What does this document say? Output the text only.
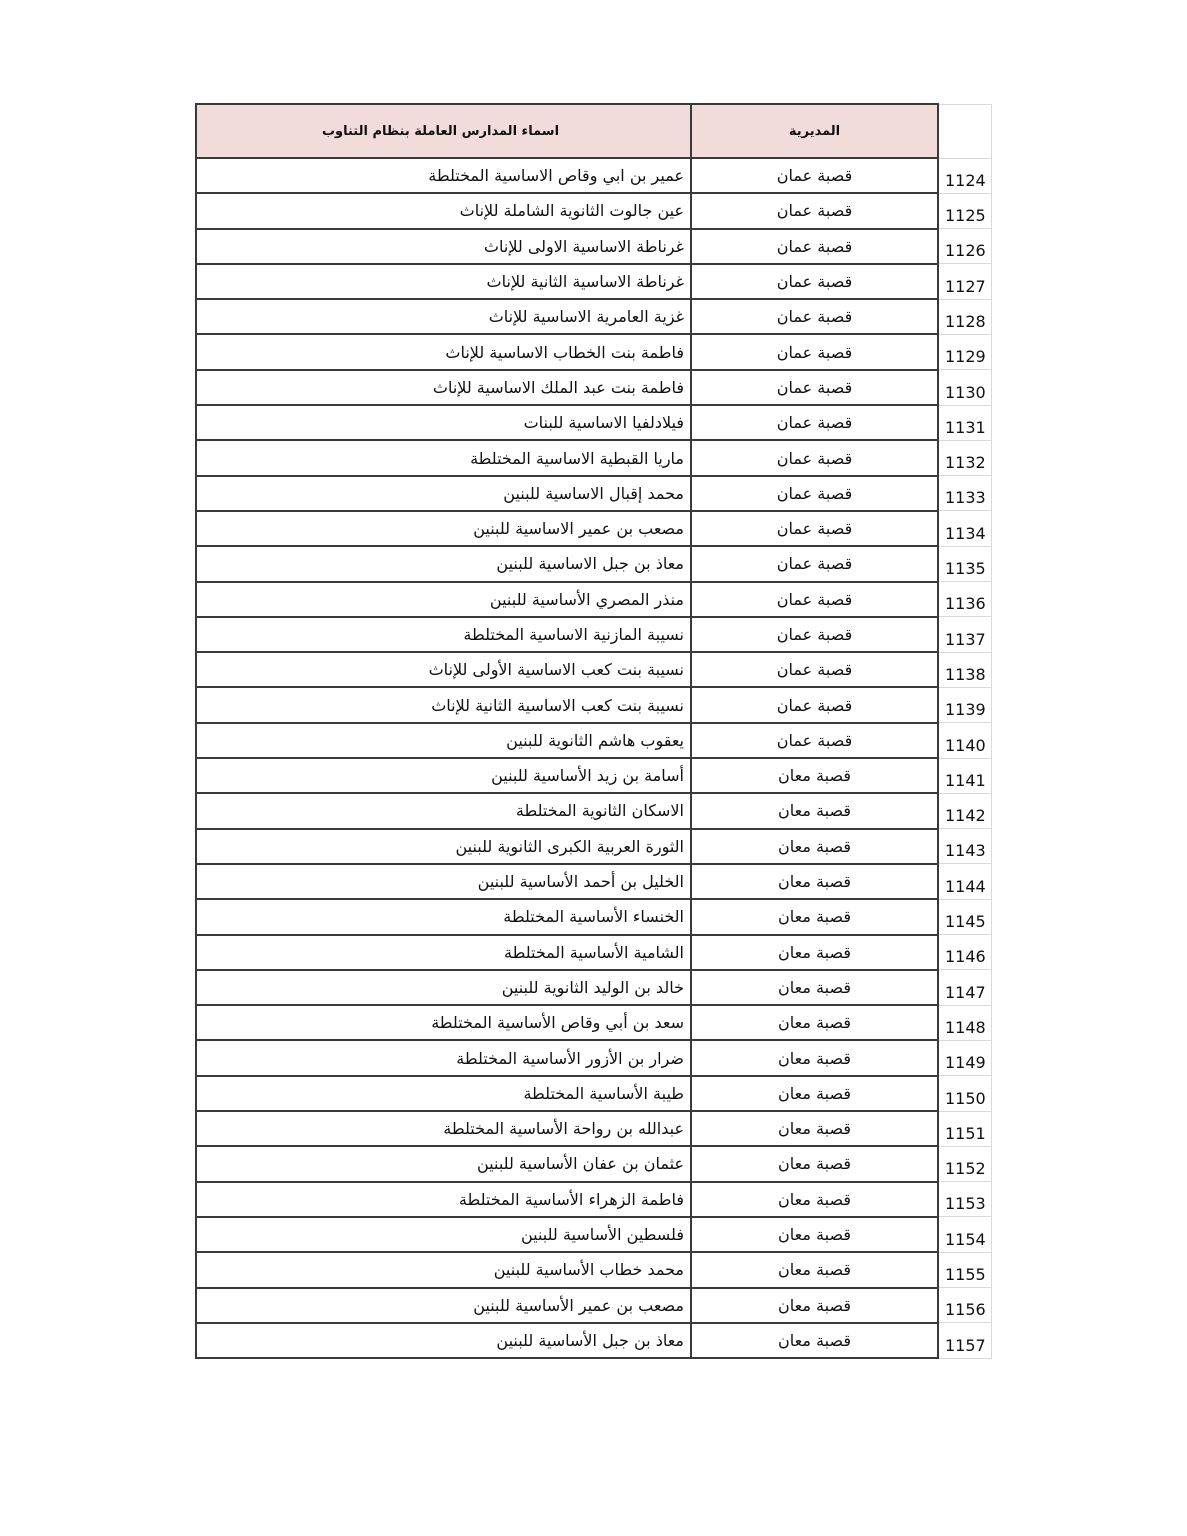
اسماء المدارس العاملة بنظام التناوب	المديرية	
عمير بن ابي وقاص الاساسية المختلطة	قصبة عمان	1124
عين جالوت الثانوية الشاملة للإناث	قصبة عمان	1125
غرناطة الاساسية الاولى للإناث	قصبة عمان	1126
غرناطة الاساسية الثانية للإناث	قصبة عمان	1127
غزية العامرية الاساسية للإناث	قصبة عمان	1128
فاطمة بنت الخطاب الاساسية للإناث	قصبة عمان	1129
فاطمة بنت عبد الملك الاساسية للإناث	قصبة عمان	1130
فيلادلفيا الاساسية للبنات	قصبة عمان	1131
ماريا القبطية الاساسية المختلطة	قصبة عمان	1132
محمد إقبال الاساسية للبنين	قصبة عمان	1133
مصعب بن عمير الاساسية للبنين	قصبة عمان	1134
معاذ بن جبل الاساسية للبنين	قصبة عمان	1135
منذر المصري الأساسية للبنين	قصبة عمان	1136
نسيبة المازنية الاساسية المختلطة	قصبة عمان	1137
نسيبة بنت كعب الاساسية الأولى للإناث	قصبة عمان	1138
نسيبة بنت كعب الاساسية الثانية للإناث	قصبة عمان	1139
يعقوب هاشم الثانوية للبنين	قصبة عمان	1140
أسامة بن زيد الأساسية للبنين	قصبة معان	1141
الاسكان الثانوية المختلطة	قصبة معان	1142
الثورة العربية الكبرى الثانوية للبنين	قصبة معان	1143
الخليل بن أحمد الأساسية للبنين	قصبة معان	1144
الخنساء الأساسية المختلطة	قصبة معان	1145
الشامية الأساسية المختلطة	قصبة معان	1146
خالد بن الوليد الثانوية للبنين	قصبة معان	1147
سعد بن أبي وقاص الأساسية المختلطة	قصبة معان	1148
ضرار بن الأزور الأساسية المختلطة	قصبة معان	1149
طيبة الأساسية المختلطة	قصبة معان	1150
عبدالله بن رواحة الأساسية المختلطة	قصبة معان	1151
عثمان بن عفان الأساسية للبنين	قصبة معان	1152
فاطمة الزهراء الأساسية المختلطة	قصبة معان	1153
فلسطين الأساسية للبنين	قصبة معان	1154
محمد خطاب الأساسية للبنين	قصبة معان	1155
مصعب بن عمير الأساسية للبنين	قصبة معان	1156
معاذ بن جبل الأساسية للبنين	قصبة معان	1157
